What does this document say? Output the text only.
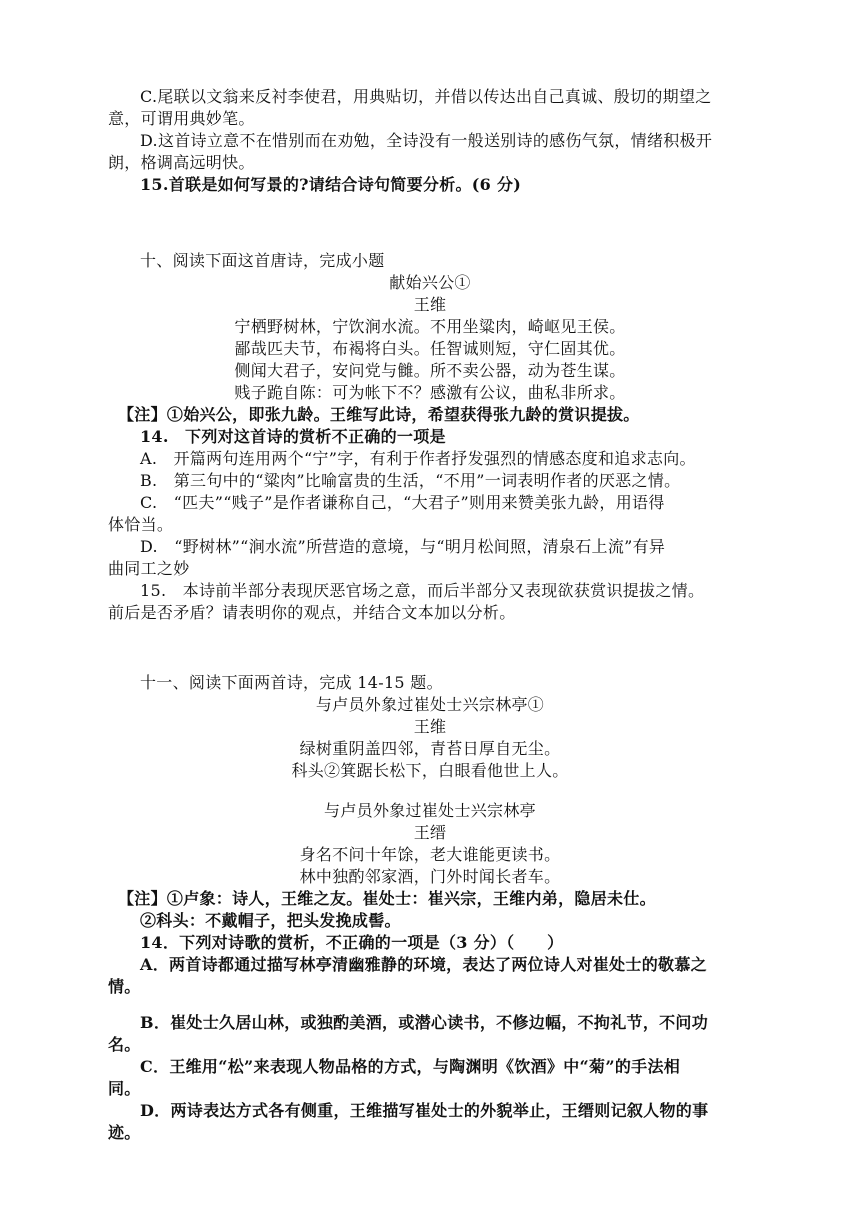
C.尾联以文翁来反衬李使君，用典贴切，并借以传达出自己真诚、殷切的期望之
意，可谓用典妙笔。
D.这首诗立意不在惜别而在劝勉，全诗没有一般送别诗的感伤气氛，情绪积极开
朗，格调高远明快。
15.首联是如何写景的?请结合诗句简要分析。(6 分)
十、阅读下面这首唐诗，完成小题
献始兴公①
王维
宁栖野树林，宁饮涧水流。不用坐粱肉，崎岖见王侯。
鄙哉匹夫节，布褐将白头。任智诚则短，守仁固其优。
侧闻大君子，安问党与雠。所不卖公器，动为苍生谋。
贱子跪自陈：可为帐下不？感激有公议，曲私非所求。
【注】①始兴公，即张九龄。王维写此诗，希望获得张九龄的赏识提拔。
14.　下列对这首诗的赏析不正确的一项是
A.　开篇两句连用两个“宁”字，有利于作者抒发强烈的情感态度和追求志向。
B.　第三句中的“粱肉”比喻富贵的生活，“不用”一词表明作者的厌恶之情。
C.　“匹夫”“贱子”是作者谦称自己，“大君子”则用来赞美张九龄，用语得
体恰当。
D.　“野树林”“涧水流”所营造的意境，与“明月松间照，清泉石上流”有异
曲同工之妙
15.　本诗前半部分表现厌恶官场之意，而后半部分又表现欲获赏识提拔之情。
前后是否矛盾？请表明你的观点，并结合文本加以分析。
十一、阅读下面两首诗，完成 14-15 题。
与卢员外象过崔处士兴宗林亭①
王维
绿树重阴盖四邻，青苔日厚自无尘。
科头②箕踞长松下，白眼看他世上人。
与卢员外象过崔处士兴宗林亭
王缙
身名不问十年馀，老大谁能更读书。
林中独酌邻家酒，门外时闻长者车。
【注】①卢象：诗人，王维之友。崔处士：崔兴宗，王维内弟，隐居未仕。
②科头：不戴帽子，把头发挽成髻。
14．下列对诗歌的赏析，不正确的一项是（3 分）（　　）
A．两首诗都通过描写林亭清幽雅静的环境，表达了两位诗人对崔处士的敬慕之
情。
B．崔处士久居山林，或独酌美酒，或潜心读书，不修边幅，不拘礼节，不问功
名。
C．王维用“松”来表现人物品格的方式，与陶渊明《饮酒》中“菊”的手法相
同。
D．两诗表达方式各有侧重，王维描写崔处士的外貌举止，王缙则记叙人物的事
迹。
